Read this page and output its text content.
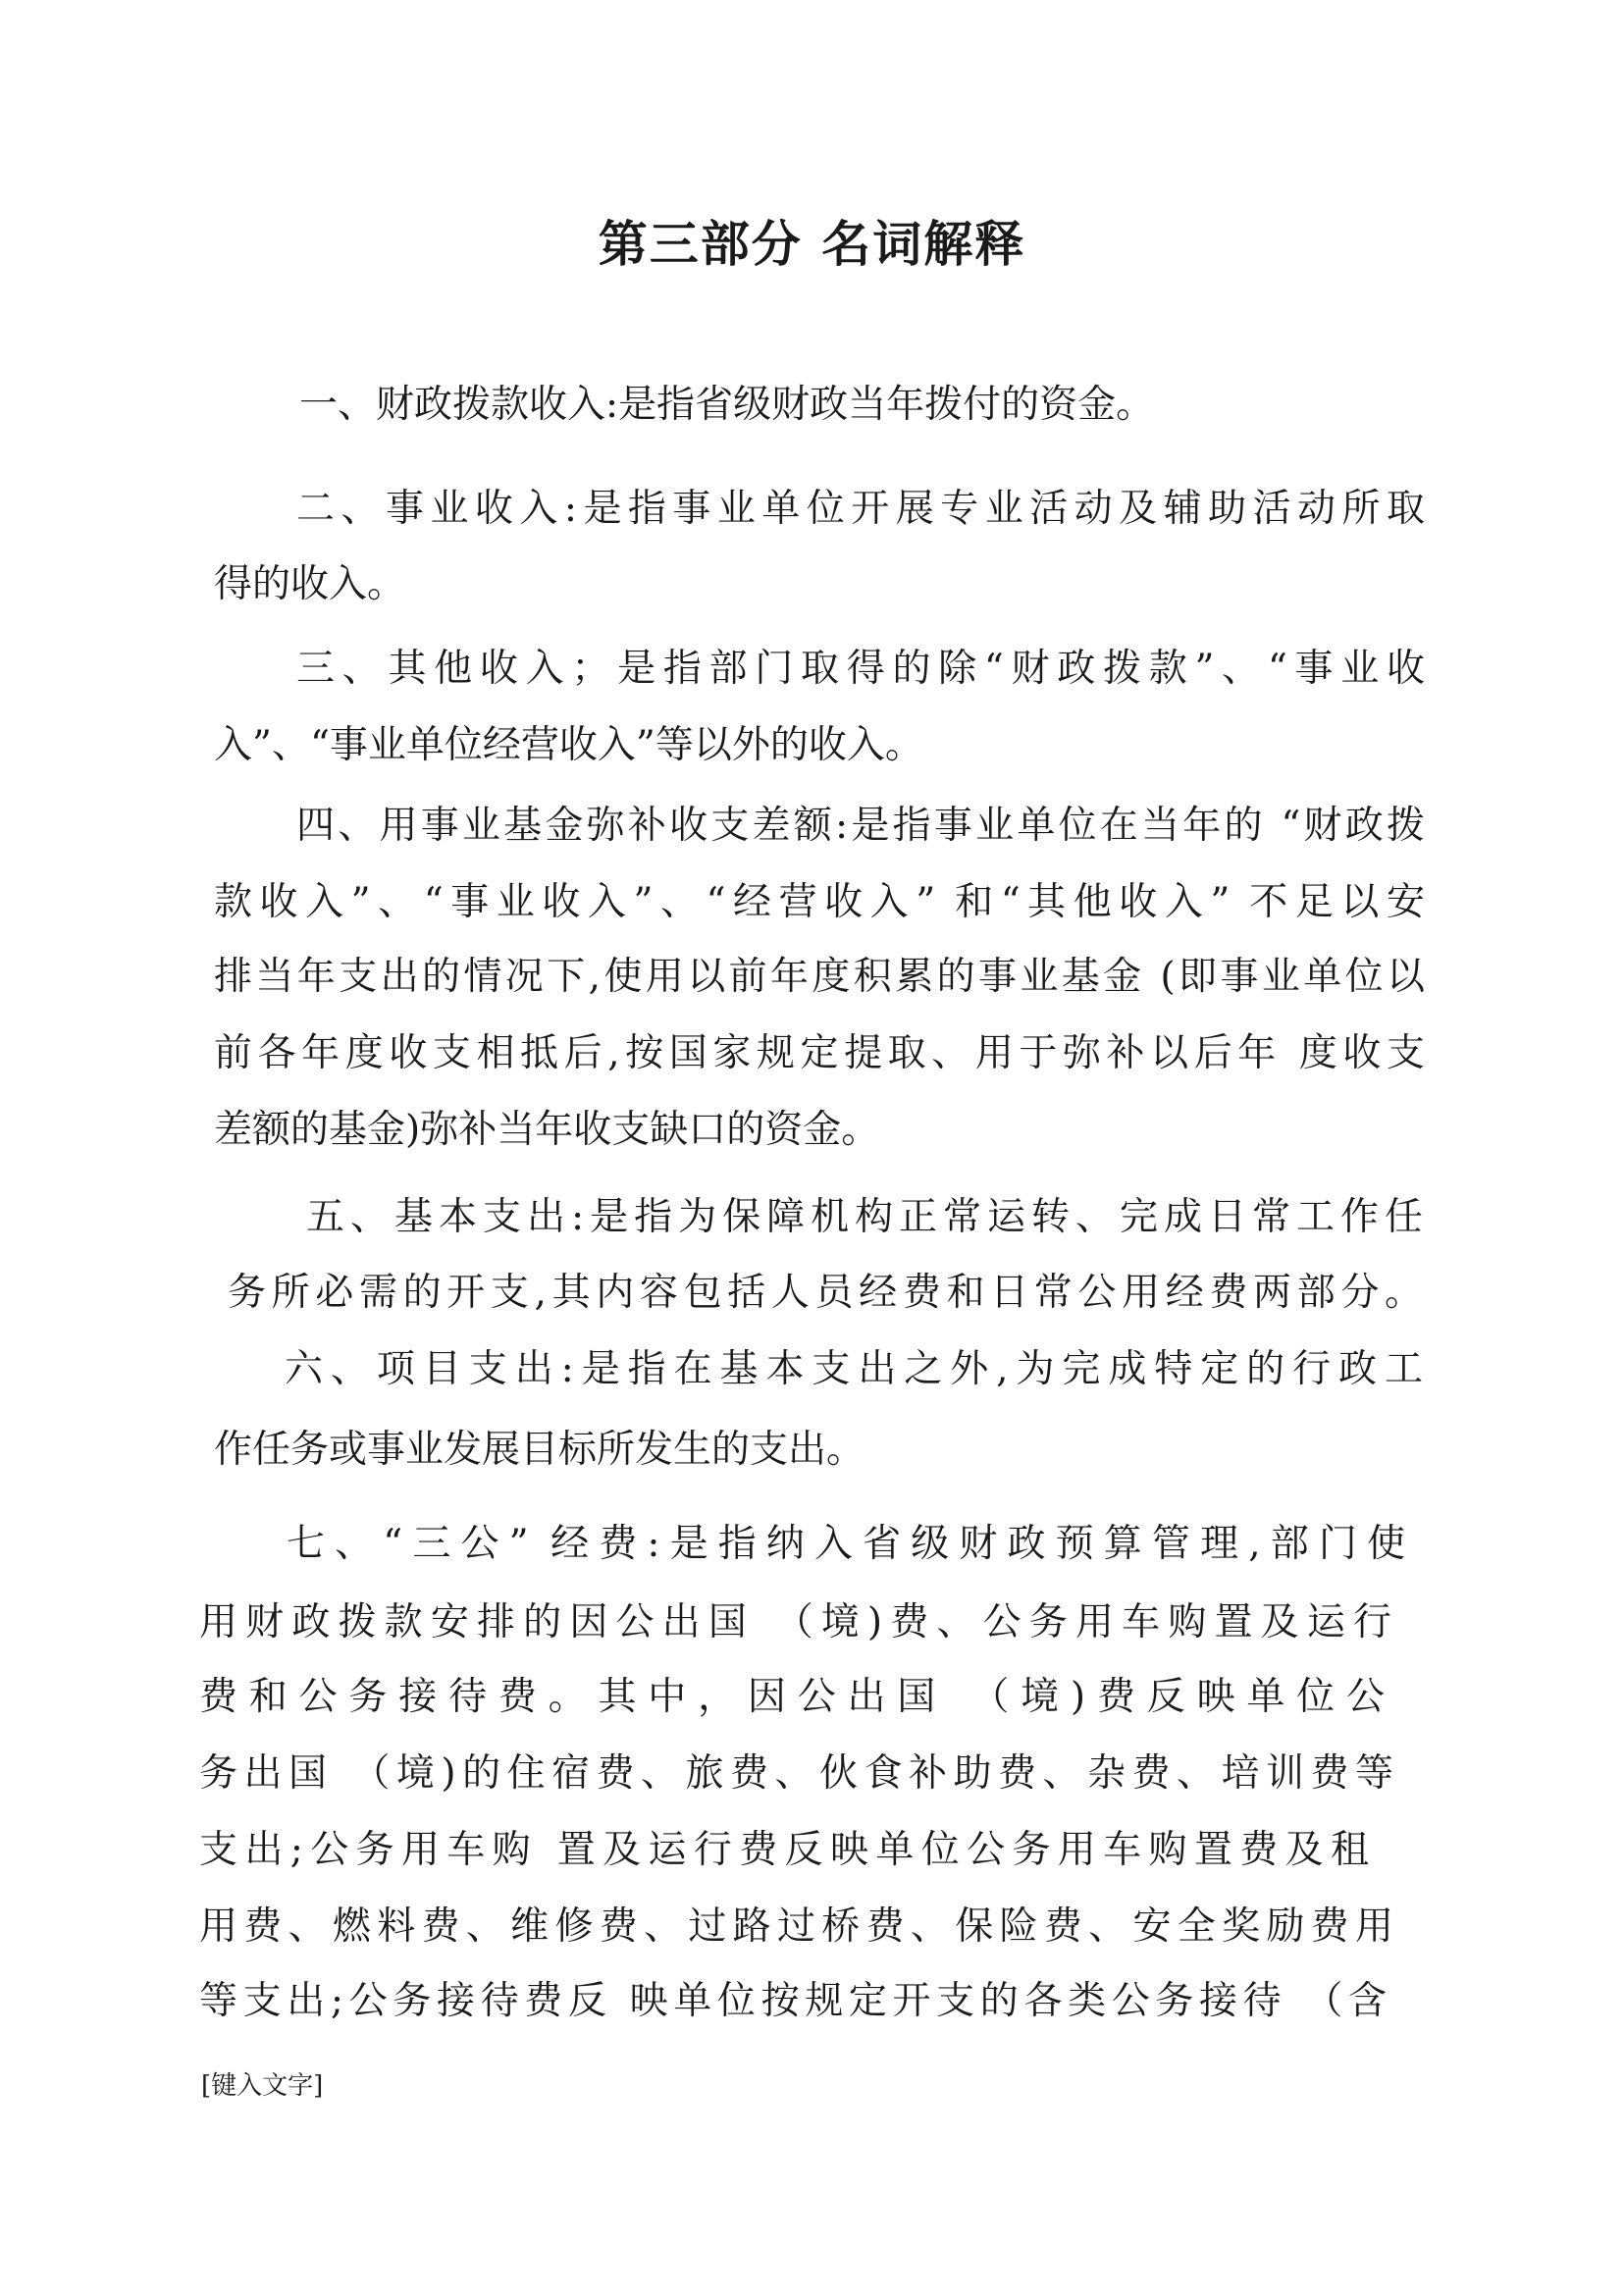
第三部分 名词解释
一、财政拨款收入:是指省级财政当年拨付的资金。
二、事业收入:是指事业单位开展专业活动及辅助活动所取
得的收入。
三、其他收入；是指部门取得的除“财政拨款”、“事业收
入”、“事业单位经营收入”等以外的收入。
四、用事业基金弥补收支差额:是指事业单位在当年的 “财政拨
款收入”、“事业收入”、“经营收入” 和“其他收入” 不足以安
排当年支出的情况下,使用以前年度积累的事业基金 (即事业单位以
前各年度收支相抵后,按国家规定提取、用于弥补以后年 度收支
差额的基金)弥补当年收支缺口的资金。
五、基本支出:是指为保障机构正常运转、完成日常工作任
务所必需的开支,其内容包括人员经费和日常公用经费两部分。
六、项目支出:是指在基本支出之外,为完成特定的行政工
作任务或事业发展目标所发生的支出。
七、“三公” 经费:是指纳入省级财政预算管理,部门使
用财政拨款安排的因公出国 （境)费、公务用车购置及运行
费和公务接待费。其中，因公出国 （境)费反映单位公
务出国 （境)的住宿费、旅费、伙食补助费、杂费、培训费等
支出;公务用车购 置及运行费反映单位公务用车购置费及租
用费、燃料费、维修费、过路过桥费、保险费、安全奖励费用
等支出;公务接待费反 映单位按规定开支的各类公务接待 （含
[键入文字]
